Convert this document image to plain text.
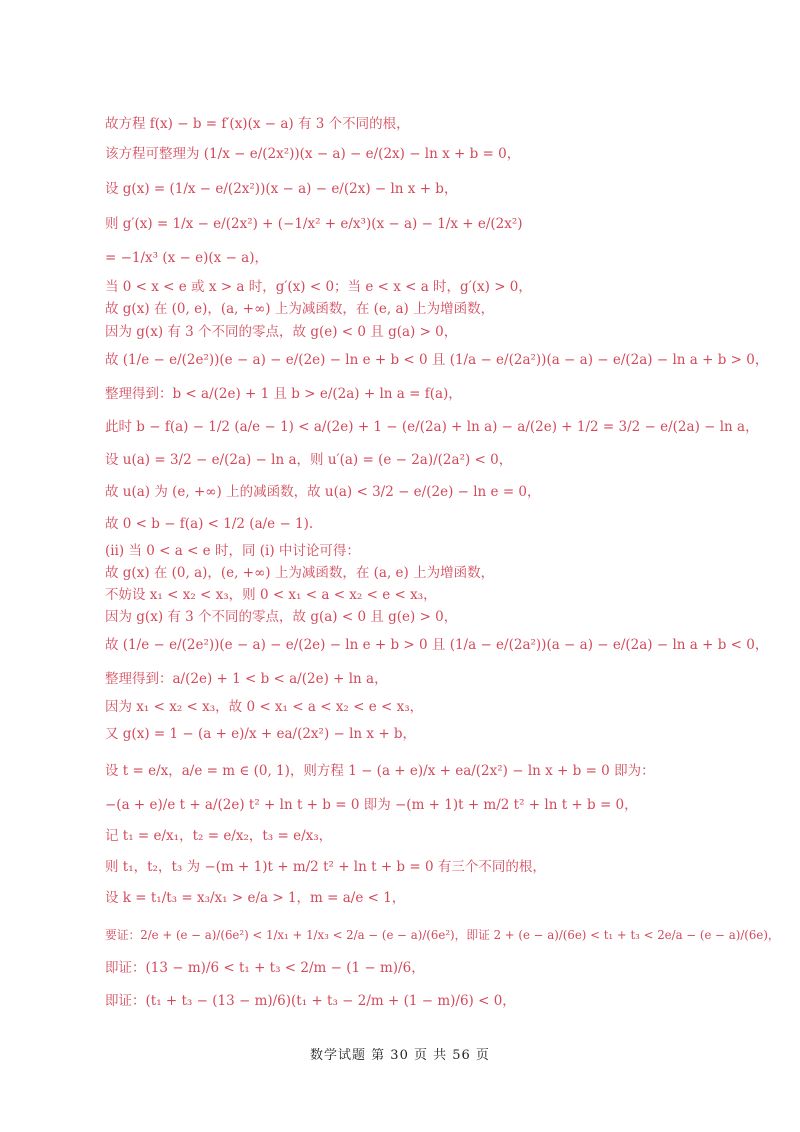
故方程 f(x) − b = f′(x)(x − a) 有 3 个不同的根，
该方程可整理为 (1/x − e/(2x²))(x − a) − e/(2x) − ln x + b = 0，
设 g(x) = (1/x − e/(2x²))(x − a) − e/(2x) − ln x + b，
则 g′(x) = 1/x − e/(2x²) + (−1/x² + e/x³)(x − a) − 1/x + e/(2x²)
= −1/x³ (x − e)(x − a)，
当 0 < x < e 或 x > a 时，g′(x) < 0；当 e < x < a 时，g′(x) > 0，
故 g(x) 在 (0, e)，(a, +∞) 上为减函数，在 (e, a) 上为增函数，
因为 g(x) 有 3 个不同的零点，故 g(e) < 0 且 g(a) > 0，
故 (1/e − e/(2e²))(e − a) − e/(2e) − ln e + b < 0 且 (1/a − e/(2a²))(a − a) − e/(2a) − ln a + b > 0，
整理得到：b < a/(2e) + 1 且 b > e/(2a) + ln a = f(a)，
此时 b − f(a) − 1/2 (a/e − 1) < a/(2e) + 1 − (e/(2a) + ln a) − a/(2e) + 1/2 = 3/2 − e/(2a) − ln a，
设 u(a) = 3/2 − e/(2a) − ln a，则 u′(a) = (e − 2a)/(2a²) < 0，
故 u(a) 为 (e, +∞) 上的减函数，故 u(a) < 3/2 − e/(2e) − ln e = 0，
故 0 < b − f(a) < 1/2 (a/e − 1).
(ⅱ) 当 0 < a < e 时，同 (ⅰ) 中讨论可得：
故 g(x) 在 (0, a)，(e, +∞) 上为减函数，在 (a, e) 上为增函数，
不妨设 x₁ < x₂ < x₃，则 0 < x₁ < a < x₂ < e < x₃，
因为 g(x) 有 3 个不同的零点，故 g(a) < 0 且 g(e) > 0，
故 (1/e − e/(2e²))(e − a) − e/(2e) − ln e + b > 0 且 (1/a − e/(2a²))(a − a) − e/(2a) − ln a + b < 0，
整理得到：a/(2e) + 1 < b < a/(2e) + ln a，
因为 x₁ < x₂ < x₃，故 0 < x₁ < a < x₂ < e < x₃，
又 g(x) = 1 − (a + e)/x + ea/(2x²) − ln x + b，
设 t = e/x，a/e = m ∈ (0, 1)，则方程 1 − (a + e)/x + ea/(2x²) − ln x + b = 0 即为：
−(a + e)/e t + a/(2e) t² + ln t + b = 0 即为 −(m + 1)t + m/2 t² + ln t + b = 0，
记 t₁ = e/x₁，t₂ = e/x₂，t₃ = e/x₃，
则 t₁，t₂，t₃ 为 −(m + 1)t + m/2 t² + ln t + b = 0 有三个不同的根，
设 k = t₁/t₃ = x₃/x₁ > e/a > 1，m = a/e < 1，
要证：2/e + (e − a)/(6e²) < 1/x₁ + 1/x₃ < 2/a − (e − a)/(6e²)，即证 2 + (e − a)/(6e) < t₁ + t₃ < 2e/a − (e − a)/(6e)，
即证：(13 − m)/6 < t₁ + t₃ < 2/m − (1 − m)/6，
即证：(t₁ + t₃ − (13 − m)/6)(t₁ + t₃ − 2/m + (1 − m)/6) < 0，
数学试题 第 30 页 共 56 页
